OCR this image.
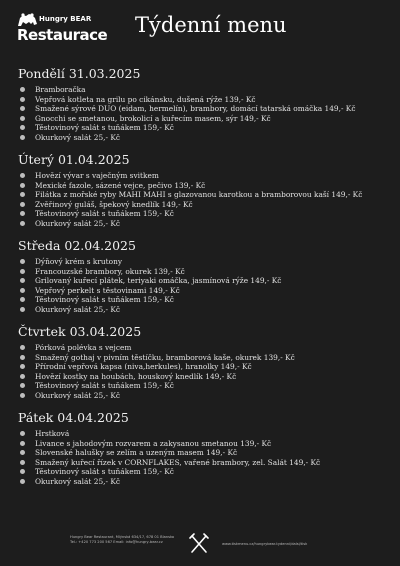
Hungry BEAR
Restaurace Týdenní menu
Pondělí 31.03.2025
Bramboračka
Vepřová kotleta na grilu po cikánsku, dušená rýže 139,- Kč
Smažené sýrové DUO (eidam, hermelín), brambory, domácí tatarská omáčka 149,- Kč
Gnocchi se smetanou, brokolicí a kuřecím masem, sýr 149,- Kč
Těstovinový salát s tuňákem 159,- Kč
Okurkový salát 25,- Kč
Úterý 01.04.2025
Hovězí vývar s vaječným svitkem
Mexické fazole, sázené vejce, pečivo 139,- Kč
Filátka z mořské ryby MAHI MAHI s glazovanou karotkou a bramborovou kaší 149,- Kč
Zvěřinový guláš, špekový knedlík 149,- Kč
Těstovinový salát s tuňákem 159,- Kč
Okurkový salát 25,- Kč
Středa 02.04.2025
Dýňový krém s krutony
Francouzské brambory, okurek 139,- Kč
Grilovaný kuřecí plátek, teriyaki omáčka, jasmínová rýže 149,- Kč
Vepřový perkelt s těstovinami 149,- Kč
Těstovinový salát s tuňákem 159,- Kč
Okurkový salát 25,- Kč
Čtvrtek 03.04.2025
Pórková polévka s vejcem
Smažený gothaj v pivním těstíčku, bramborová kaše, okurek 139,- Kč
Přírodní vepřová kapsa (niva,herkules), hranolky 149,- Kč
Hovězí kostky na houbách, houskový knedlík 149,- Kč
Těstovinový salát s tuňákem 159,- Kč
Okurkový salát 25,- Kč
Pátek 04.04.2025
Hrstková
Livance s jahodovým rozvarem a zakysanou smetanou 139,- Kč
Slovenské halušky se zelím a uzeným masem 149,- Kč
Smažený kuřecí řízek v CORNFLAKES, vařené brambory, zel. Salát 149,- Kč
Těstovinový salát s tuňákem 159,- Kč
Okurkový salát 25,- Kč
Hungry Bear Restaurant, Mlýnská 634/17, 678 01 Blansko
Tel.: +420 773 200 567 Email: info@hungry-bear.cz	www.tiskmenu.cz/hungrybear-tydenni/dalsi/tisk
